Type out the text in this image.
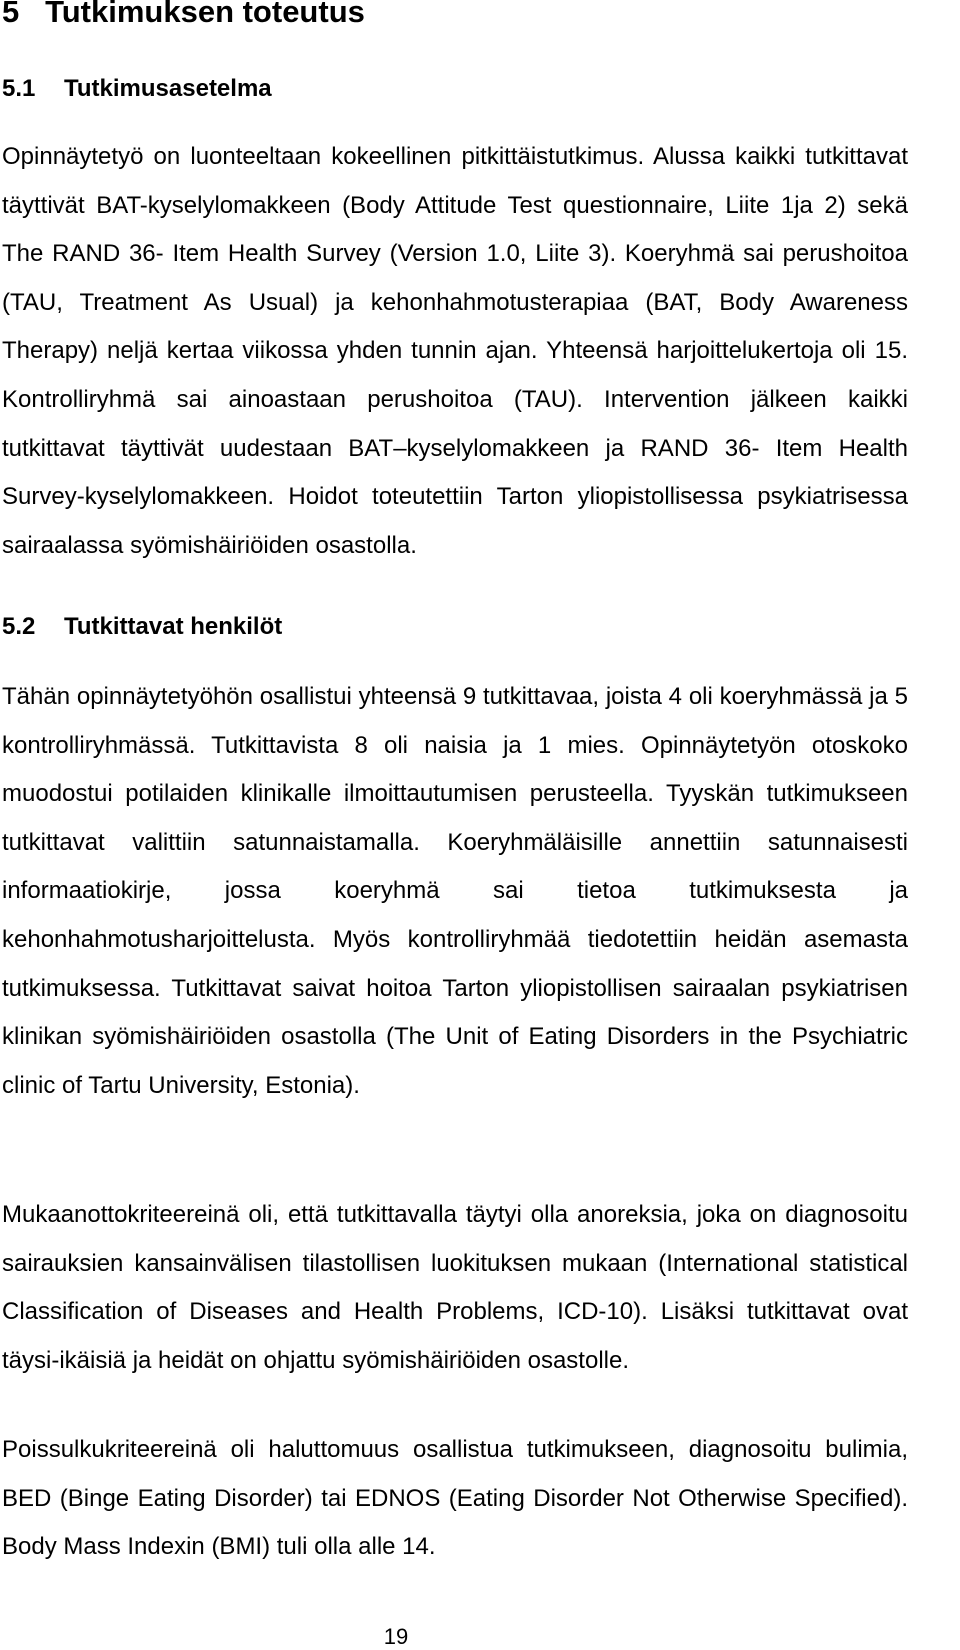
5 Tutkimuksen toteutus
5.1 Tutkimusasetelma

Opinnäytetyö on luonteeltaan kokeellinen pitkittäistutkimus. Alussa kaikki tutkittavat täyttivät BAT-kyselylomakkeen (Body Attitude Test questionnaire, Liite 1ja 2) sekä The RAND 36- Item Health Survey (Version 1.0, Liite 3). Koeryhmä sai perushoitoa (TAU, Treatment As Usual) ja kehonhahmotusterapiaa (BAT, Body Awareness Therapy) neljä kertaa viikossa yhden tunnin ajan. Yhteensä harjoittelukertoja oli 15. Kontrolliryhmä sai ainoastaan perushoitoa (TAU). Intervention jälkeen kaikki tutkittavat täyttivät uudestaan BAT–kyselylomakkeen ja RAND 36- Item Health Survey-kyselylomakkeen. Hoidot toteutettiin Tarton yliopistollisessa psykiatrisessa sairaalassa syömishäiriöiden osastolla.

5.2 Tutkittavat henkilöt

Tähän opinnäytetyöhön osallistui yhteensä 9 tutkittavaa, joista 4 oli koeryhmässä ja 5 kontrolliryhmässä. Tutkittavista 8 oli naisia ja 1 mies. Opinnäytetyön otoskoko muodostui potilaiden klinikalle ilmoittautumisen perusteella. Tyyskän tutkimukseen tutkittavat valittiin satunnaistamalla. Koeryhmäläisille annettiin satunnaisesti informaatiokirje, jossa koeryhmä sai tietoa tutkimuksesta ja kehonhahmotusharjoittelusta. Myös kontrolliryhmää tiedotettiin heidän asemasta tutkimuksessa. Tutkittavat saivat hoitoa Tarton yliopistollisen sairaalan psykiatrisen klinikan syömishäiriöiden osastolla (The Unit of Eating Disorders in the Psychiatric clinic of Tartu University, Estonia).

Mukaanottokriteereinä oli, että tutkittavalla täytyi olla anoreksia, joka on diagnosoitu sairauksien kansainvälisen tilastollisen luokituksen mukaan (International statistical Classification of Diseases and Health Problems, ICD-10). Lisäksi tutkittavat ovat täysi-ikäisiä ja heidät on ohjattu syömishäiriöiden osastolle.

Poissulkukriteereinä oli haluttomuus osallistua tutkimukseen, diagnosoitu bulimia, BED (Binge Eating Disorder) tai EDNOS (Eating Disorder Not Otherwise Specified). Body Mass Indexin (BMI) tuli olla alle 14.

19
